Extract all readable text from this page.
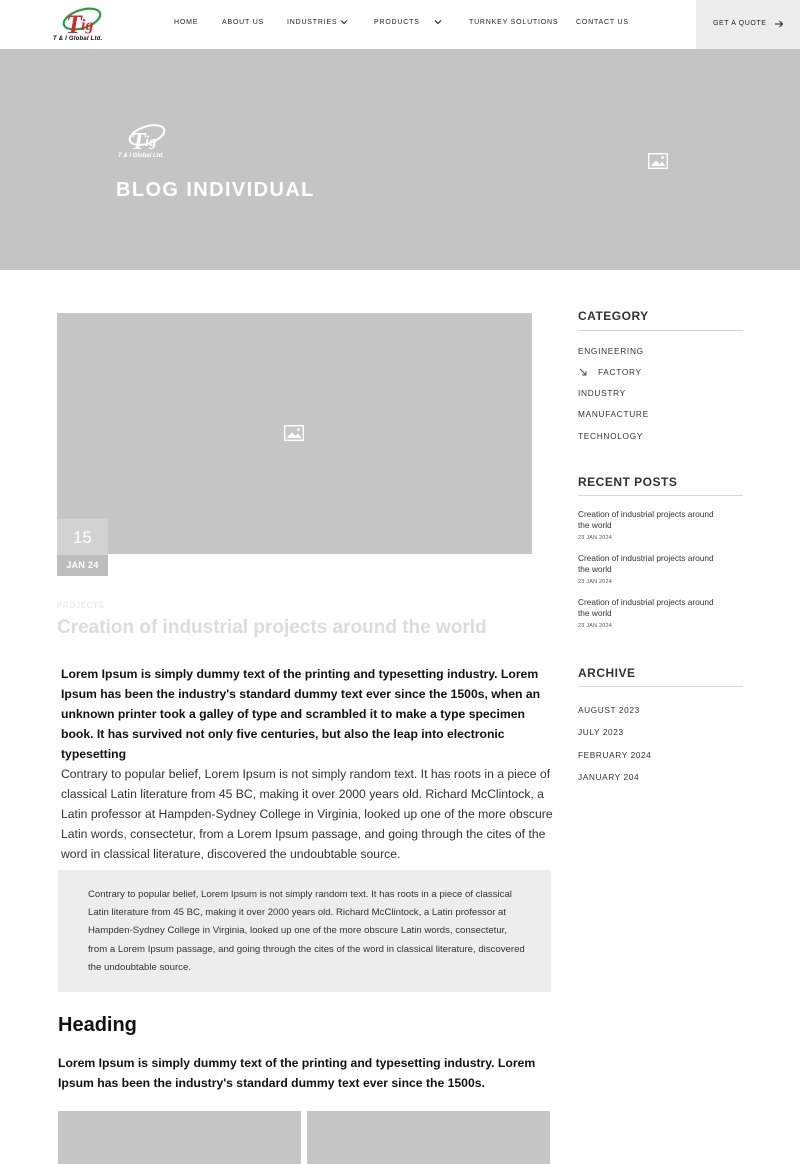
T ig
T & I Global Ltd.
HOME	ABOUT US	INDUSTRIES	PRODUCTS	TURNKEY SOLUTIONS	CONTACT US	GET A QUOTE
T ig
T & I Global Ltd.
BLOG INDIVIDUAL
15
JAN 24
PROJECTS
Creation of industrial projects around the world

Lorem Ipsum is simply dummy text of the printing and typesetting industry. Lorem Ipsum has been the industry's standard dummy text ever since the 1500s, when an unknown printer took a galley of type and scrambled it to make a type specimen book. It has survived not only five centuries, but also the leap into electronic typesetting

Contrary to popular belief, Lorem Ipsum is not simply random text. It has roots in a piece of classical Latin literature from 45 BC, making it over 2000 years old. Richard McClintock, a Latin professor at Hampden-Sydney College in Virginia, looked up one of the more obscure Latin words, consectetur, from a Lorem Ipsum passage, and going through the cites of the word in classical literature, discovered the undoubtable source.

Contrary to popular belief, Lorem Ipsum is not simply random text. It has roots in a piece of classical Latin literature from 45 BC, making it over 2000 years old. Richard McClintock, a Latin professor at Hampden-Sydney College in Virginia, looked up one of the more obscure Latin words, consectetur, from a Lorem Ipsum passage, and going through the cites of the word in classical literature, discovered the undoubtable source.

Heading

Lorem Ipsum is simply dummy text of the printing and typesetting industry. Lorem Ipsum has been the industry's standard dummy text ever since the 1500s.

CATEGORY
ENGINEERING
FACTORY
INDUSTRY
MANUFACTURE
TECHNOLOGY
RECENT POSTS
Creation of industrial projects around the world
23 JAN 2024
Creation of industrial projects around the world
23 JAN 2024
Creation of industrial projects around the world
23 JAN 2024
ARCHIVE
AUGUST 2023
JULY 2023
FEBRUARY 2024
JANUARY 204
